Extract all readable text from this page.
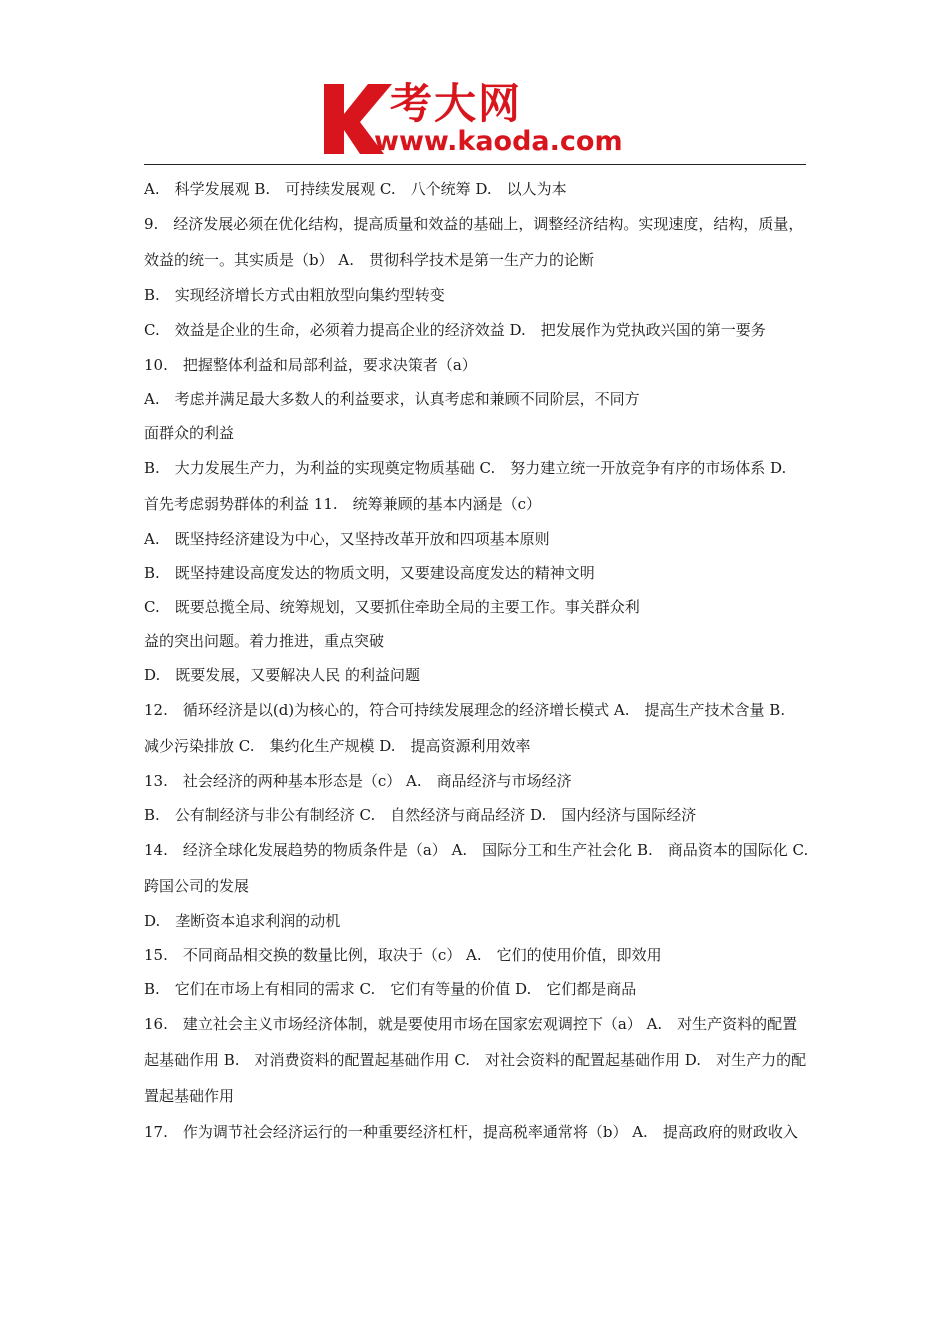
考大网
www.kaoda.com

A.　科学发展观 B.　可持续发展观 C.　八个统筹 D.　以人为本

9.　经济发展必须在优化结构，提高质量和效益的基础上，调整经济结构。实现速度，结构，质量，效益的统一。其实质是（b） A.　贯彻科学技术是第一生产力的论断

B.　实现经济增长方式由粗放型向集约型转变

C.　效益是企业的生命，必须着力提高企业的经济效益 D.　把发展作为党执政兴国的第一要务

10.　把握整体利益和局部利益，要求决策者（a）

A.　考虑并满足最大多数人的利益要求，认真考虑和兼顾不同阶层，不同方

面群众的利益

B.　大力发展生产力，为利益的实现奠定物质基础 C.　努力建立统一开放竞争有序的市场体系 D.　首先考虑弱势群体的利益 11.　统筹兼顾的基本内涵是（c）

A.　既坚持经济建设为中心，又坚持改革开放和四项基本原则

B.　既坚持建设高度发达的物质文明，又要建设高度发达的精神文明

C.　既要总揽全局、统筹规划，又要抓住牵助全局的主要工作。事关群众利

益的突出问题。着力推进，重点突破

D.　既要发展，又要解决人民 的利益问题

12.　循环经济是以(d)为核心的，符合可持续发展理念的经济增长模式 A.　提高生产技术含量 B.　减少污染排放 C.　集约化生产规模 D.　提高资源利用效率

13.　社会经济的两种基本形态是（c） A.　商品经济与市场经济

B.　公有制经济与非公有制经济 C.　自然经济与商品经济 D.　国内经济与国际经济

14.　经济全球化发展趋势的物质条件是（a） A.　国际分工和生产社会化 B.　商品资本的国际化 C.　跨国公司的发展

D.　垄断资本追求利润的动机

15.　不同商品相交换的数量比例，取决于（c） A.　它们的使用价值，即效用

B.　它们在市场上有相同的需求 C.　它们有等量的价值 D.　它们都是商品

16.　建立社会主义市场经济体制，就是要使用市场在国家宏观调控下（a） A.　对生产资料的配置起基础作用 B.　对消费资料的配置起基础作用 C.　对社会资料的配置起基础作用 D.　对生产力的配置起基础作用

17.　作为调节社会经济运行的一种重要经济杠杆，提高税率通常将（b） A.　提高政府的财政收入
